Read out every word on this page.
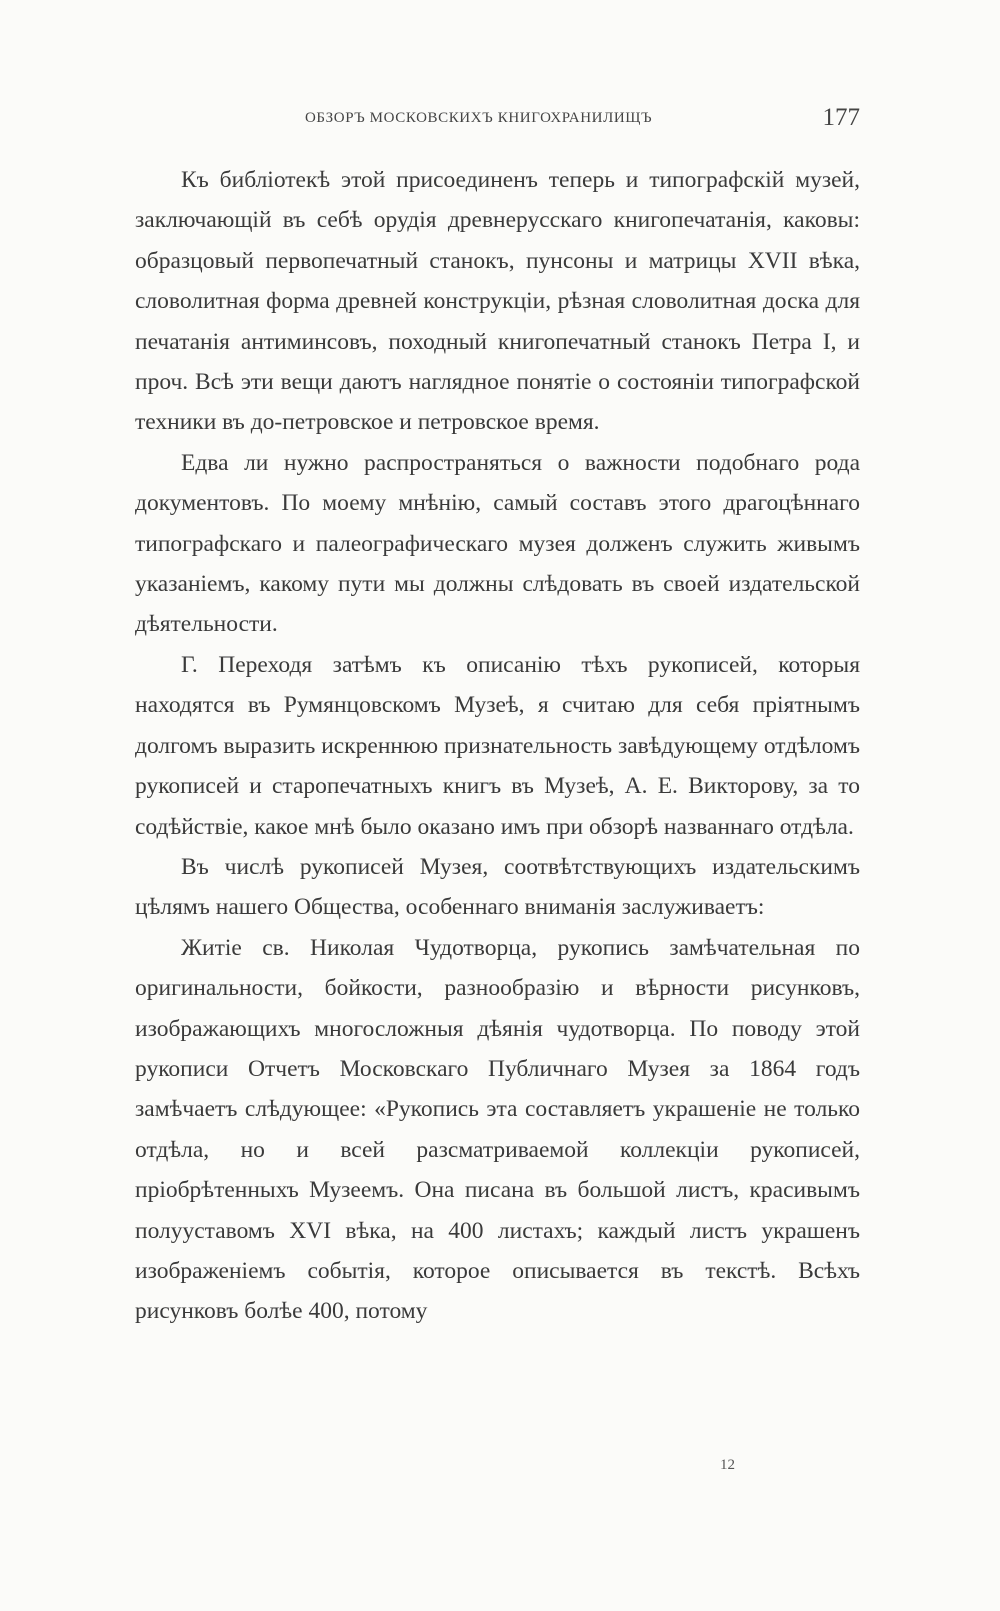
ОБЗОРЪ МОСКОВСКИХЪ КНИГОХРАНИЛИЩЪ	177

Къ библіотекѣ этой присоединенъ теперь и типографскій музей, заключающій въ себѣ орудія древнерусскаго книгопечатанія, каковы: образцовый первопечатный станокъ, пунсоны и матрицы XVII вѣка, словолитная форма древней конструкціи, рѣзная словолитная доска для печатанія антиминсовъ, походный книгопечатный станокъ Петра I, и проч. Всѣ эти вещи даютъ наглядное понятіе о состояніи типографской техники въ до-петровское и петровское время.

Едва ли нужно распространяться о важности подобнаго рода документовъ. По моему мнѣнію, самый составъ этого драгоцѣннаго типографскаго и палеографическаго музея долженъ служить живымъ указаніемъ, какому пути мы должны слѣдовать въ своей издательской дѣятельности.

Г. Переходя затѣмъ къ описанію тѣхъ рукописей, которыя находятся въ Румянцовскомъ Музеѣ, я считаю для себя пріятнымъ долгомъ выразить искреннюю признательность завѣдующему отдѣломъ рукописей и старопечатныхъ книгъ въ Музеѣ, А. Е. Викторову, за то содѣйствіе, какое мнѣ было оказано имъ при обзорѣ названнаго отдѣла.

Въ числѣ рукописей Музея, соотвѣтствующихъ издательскимъ цѣлямъ нашего Общества, особеннаго вниманія заслуживаетъ:

Житіе св. Николая Чудотворца, рукопись замѣчательная по оригинальности, бойкости, разнообразію и вѣрности рисунковъ, изображающихъ многосложныя дѣянія чудотворца. По поводу этой рукописи Отчетъ Московскаго Публичнаго Музея за 1864 годъ замѣчаетъ слѣдующее: «Рукопись эта составляетъ украшеніе не только отдѣла, но и всей разсматриваемой коллекціи рукописей, пріобрѣтенныхъ Музеемъ. Она писана въ большой листъ, красивымъ полууставомъ XVI вѣка, на 400 листахъ; каждый листъ украшенъ изображеніемъ событія, которое описывается въ текстѣ. Всѣхъ рисунковъ болѣе 400, потому

12
